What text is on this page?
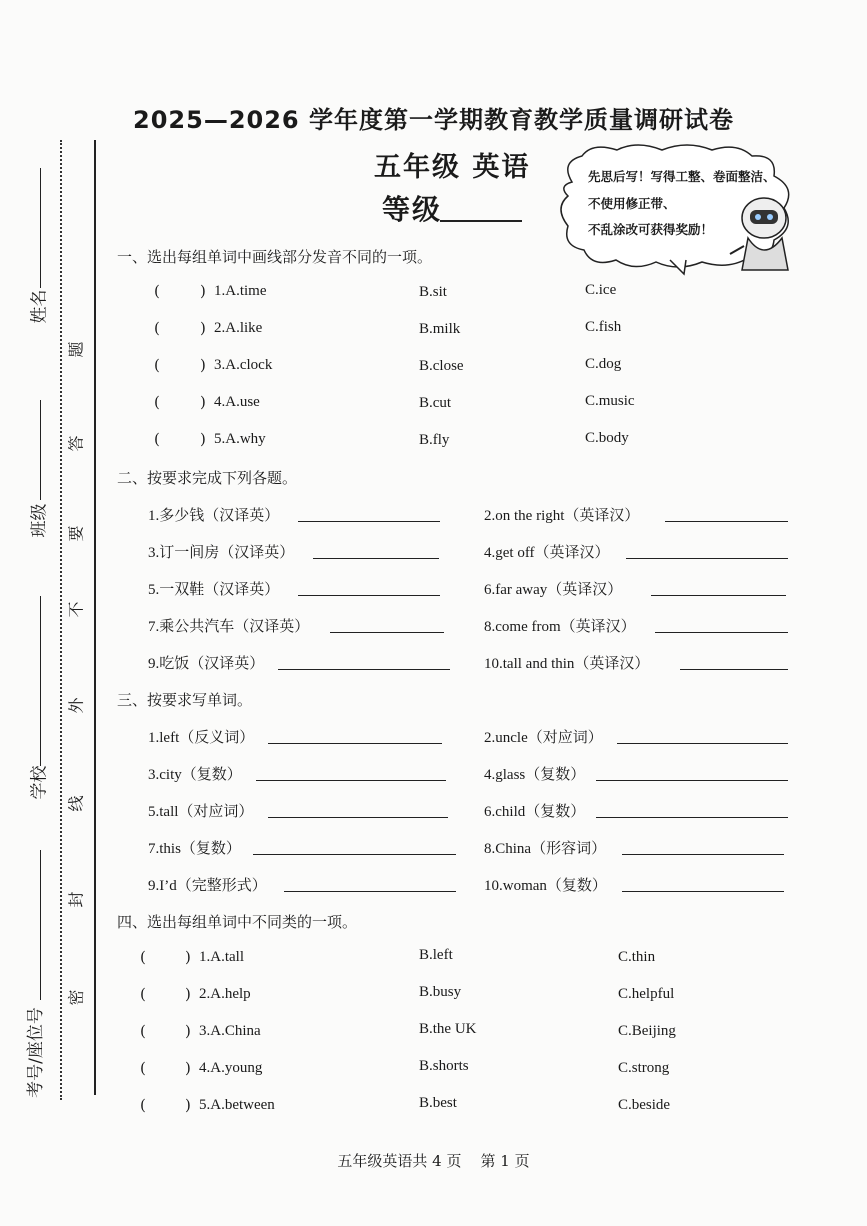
2025—2026 学年度第一学期教育教学质量调研试卷
五年级 英语
等级
先思后写！写得工整、卷面整洁、
不使用修正带、
不乱涂改可获得奖励！
姓名
班级
学校
考号/座位号
题
答
要
不
外
线
封
密
一、选出每组单词中画线部分发音不同的一项。
(	) 1.A.time	B.sit	C.ice
(	) 2.A.like	B.milk	C.fish
(	) 3.A.clock	B.close	C.dog
(	) 4.A.use	B.cut	C.music
(	) 5.A.why	B.fly	C.body
二、按要求完成下列各题。
1.多少钱（汉译英）	2.on the right（英译汉）
3.订一间房（汉译英）	4.get off（英译汉）
5.一双鞋（汉译英）	6.far away（英译汉）
7.乘公共汽车（汉译英）	8.come from（英译汉）
9.吃饭（汉译英）	10.tall and thin（英译汉）
三、按要求写单词。
1.left（反义词）	2.uncle（对应词）
3.city（复数）	4.glass（复数）
5.tall（对应词）	6.child（复数）
7.this（复数）	8.China（形容词）
9.I’d（完整形式）	10.woman（复数）
四、选出每组单词中不同类的一项。
(	) 1.A.tall	B.left	C.thin
(	) 2.A.help	B.busy	C.helpful
(	) 3.A.China	B.the UK	C.Beijing
(	) 4.A.young	B.shorts	C.strong
(	) 5.A.between	B.best	C.beside
五年级英语共 4 页    第 1 页
